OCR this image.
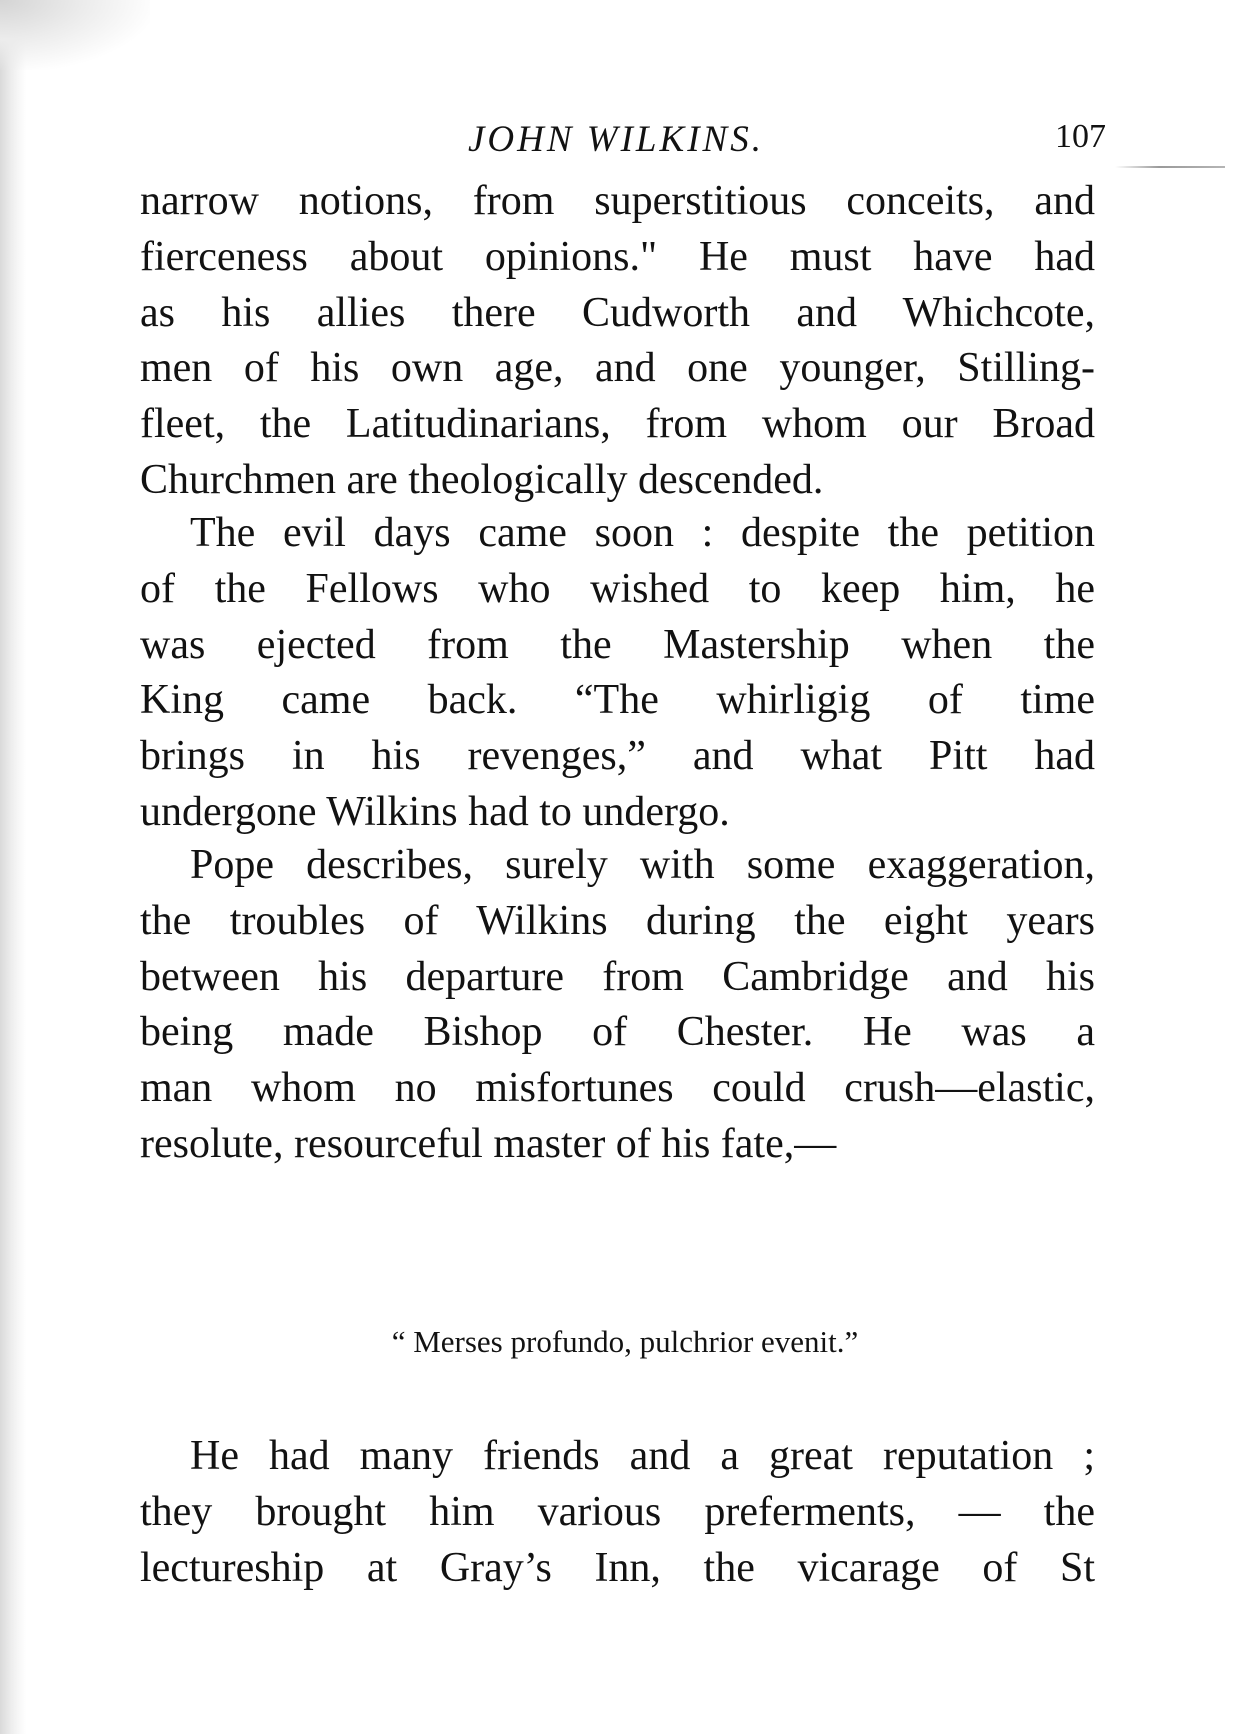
JOHN WILKINS.	107
narrow notions, from superstitious conceits, and
fierceness about opinions." He must have had
as his allies there Cudworth and Whichcote,
men of his own age, and one younger, Stilling-
fleet, the Latitudinarians, from whom our Broad
Churchmen are theologically descended.
The evil days came soon : despite the petition
of the Fellows who wished to keep him, he
was ejected from the Mastership when the
King came back. “The whirligig of time
brings in his revenges,” and what Pitt had
undergone Wilkins had to undergo.
Pope describes, surely with some exaggeration,
the troubles of Wilkins during the eight years
between his departure from Cambridge and his
being made Bishop of Chester. He was a
man whom no misfortunes could crush—elastic,
resolute, resourceful master of his fate,—
“ Merses profundo, pulchrior evenit.”
He had many friends and a great reputation ;
they brought him various preferments, — the
lectureship at Gray’s Inn, the vicarage of St
